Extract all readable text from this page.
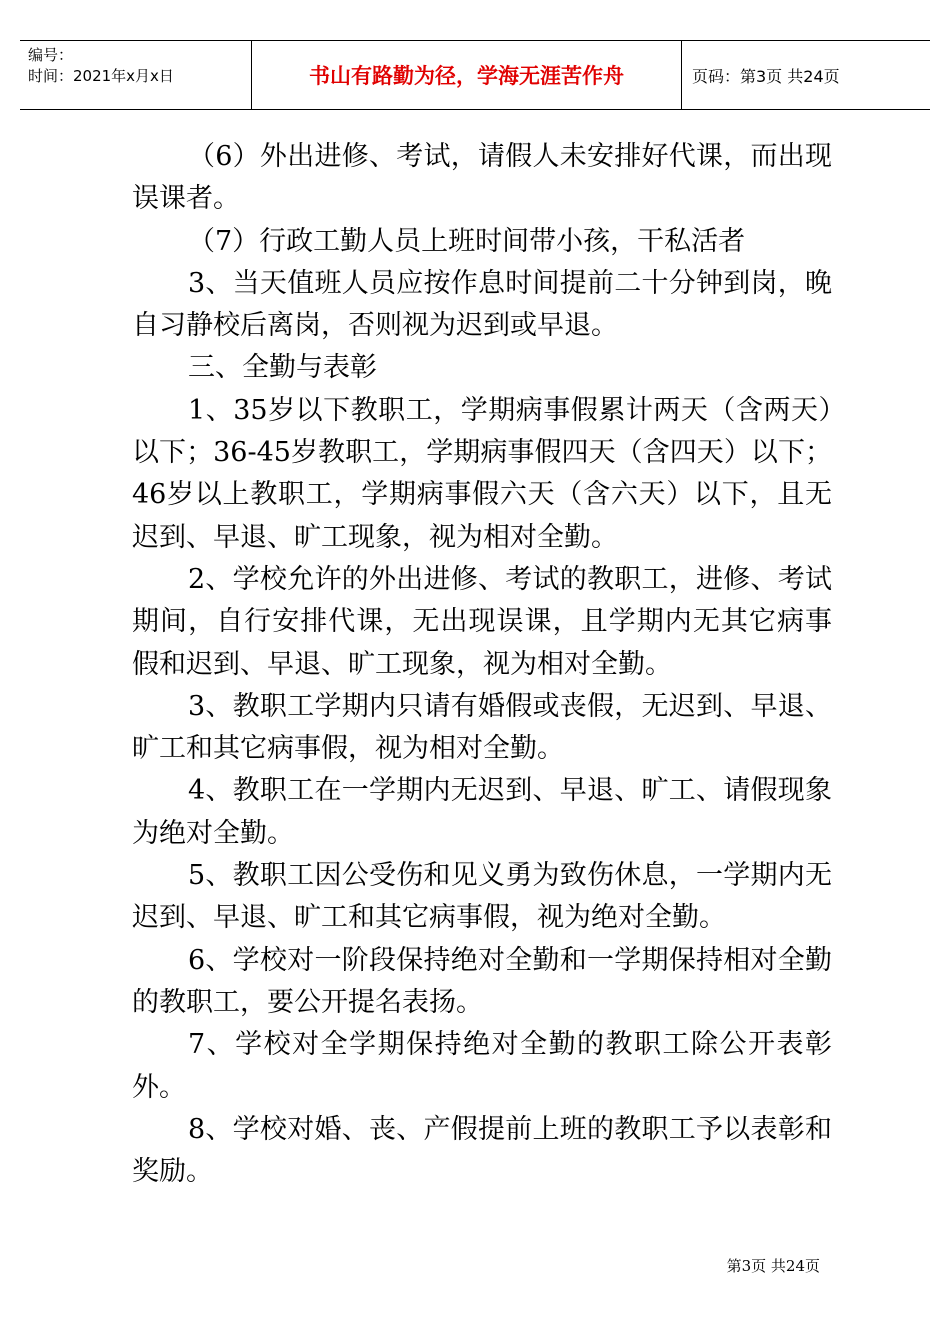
编号：
时间：2021年x月x日	书山有路勤为径，学海无涯苦作舟	页码：第3页 共24页

（6）外出进修、考试，请假人未安排好代课，而出现误课者。

（7）行政工勤人员上班时间带小孩，干私活者

3、当天值班人员应按作息时间提前二十分钟到岗，晚自习静校后离岗，否则视为迟到或早退。

三、全勤与表彰

1、35岁以下教职工，学期病事假累计两天（含两天）以下；36-45岁教职工，学期病事假四天（含四天）以下；46岁以上教职工，学期病事假六天（含六天）以下，且无迟到、早退、旷工现象，视为相对全勤。

2、学校允许的外出进修、考试的教职工，进修、考试期间，自行安排代课，无出现误课，且学期内无其它病事假和迟到、早退、旷工现象，视为相对全勤。

3、教职工学期内只请有婚假或丧假，无迟到、早退、旷工和其它病事假，视为相对全勤。

4、教职工在一学期内无迟到、早退、旷工、请假现象为绝对全勤。

5、教职工因公受伤和见义勇为致伤休息，一学期内无迟到、早退、旷工和其它病事假，视为绝对全勤。

6、学校对一阶段保持绝对全勤和一学期保持相对全勤的教职工，要公开提名表扬。

7、学校对全学期保持绝对全勤的教职工除公开表彰外。

8、学校对婚、丧、产假提前上班的教职工予以表彰和奖励。

第3页 共24页
